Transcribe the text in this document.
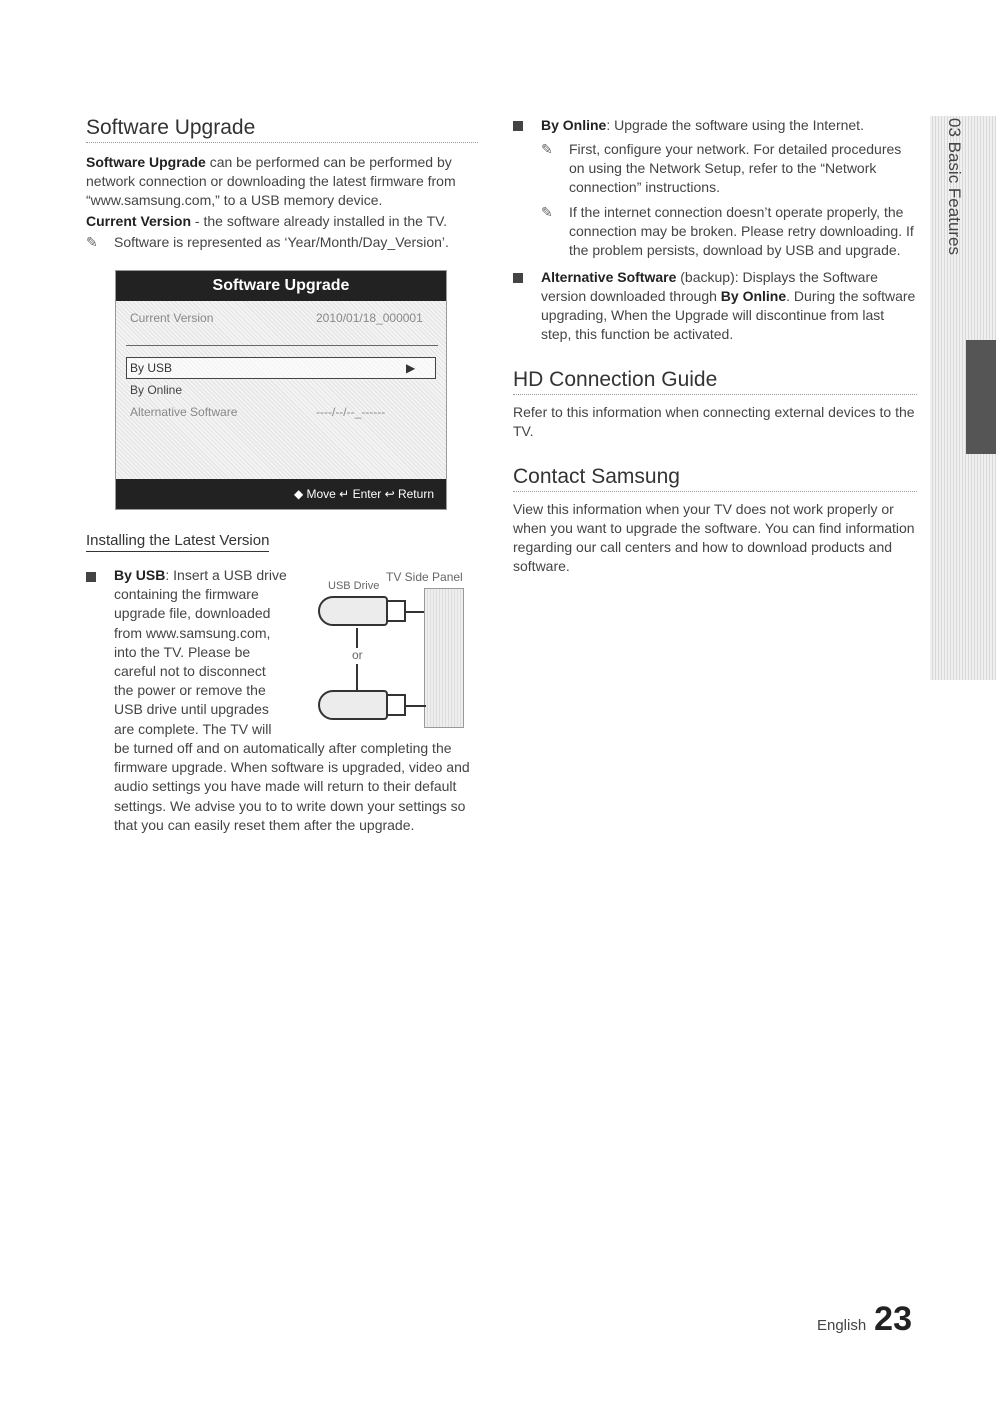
Software Upgrade

Software Upgrade can be performed can be performed by network connection or downloading the latest firmware from “www.samsung.com,” to a USB memory device.

Current Version - the software already installed in the TV.

✎	Software is represented as ‘Year/Month/Day_Version’.
Software Upgrade
Current Version	2010/01/18_000001
By USB	▶
By Online
Alternative Software	----/--/--_------
◆ Move ↵ Enter ↩ Return
Installing the Latest Version
By USB: Insert a USB drive
containing the firmware
upgrade file, downloaded
from www.samsung.com,
into the TV. Please be
careful not to disconnect
the power or remove the
USB drive until upgrades
are complete. The TV will
be turned off and on automatically after completing the firmware upgrade. When software is upgraded, video and audio settings you have made will return to their default settings. We advise you to to write down your settings so that you can easily reset them after the upgrade.
USB Drive
TV Side Panel
or

By Online: Upgrade the software using the Internet.

✎	First, configure your network. For detailed procedures on using the Network Setup, refer to the “Network connection” instructions.
✎	If the internet connection doesn’t operate properly, the connection may be broken. Please retry downloading. If the problem persists, download by USB and upgrade.

Alternative Software (backup): Displays the Software version downloaded through By Online. During the software upgrading, When the Upgrade will discontinue from last step, this function be activated.

HD Connection Guide

Refer to this information when connecting external devices to the TV.

Contact Samsung

View this information when your TV does not work properly or when you want to upgrade the software. You can find information regarding our call centers and how to download products and software.

03 Basic Features
English 23
